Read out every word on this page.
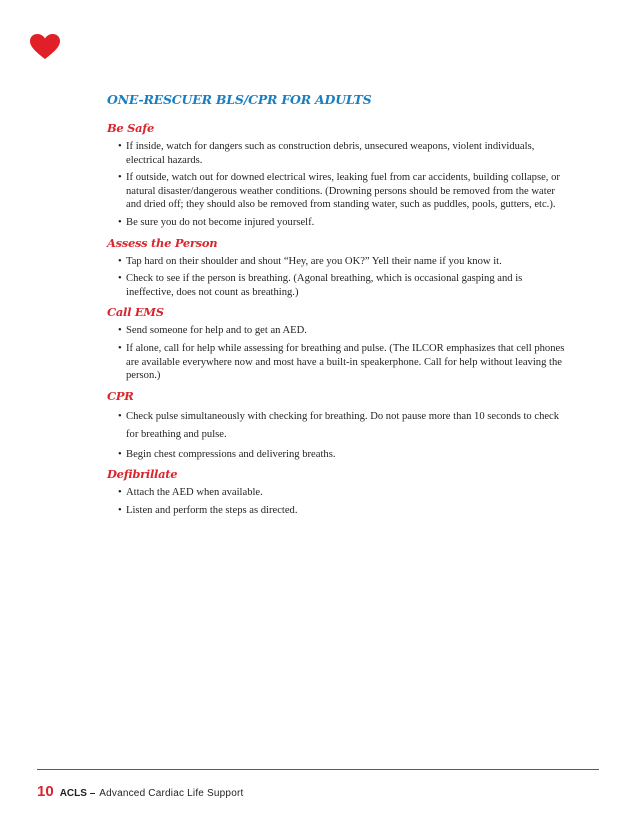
ONE-RESCUER BLS/CPR FOR ADULTS
Be Safe
• If inside, watch for dangers such as construction debris, unsecured weapons, violent individuals, electrical hazards.
• If outside, watch out for downed electrical wires, leaking fuel from car accidents, building collapse, or natural disaster/dangerous weather conditions. (Drowning persons should be removed from the water and dried off; they should also be removed from standing water, such as puddles, pools, gutters, etc.).
• Be sure you do not become injured yourself.
Assess the Person
• Tap hard on their shoulder and shout “Hey, are you OK?” Yell their name if you know it.
• Check to see if the person is breathing. (Agonal breathing, which is occasional gasping and is ineffective, does not count as breathing.)
Call EMS
• Send someone for help and to get an AED.
• If alone, call for help while assessing for breathing and pulse. (The ILCOR emphasizes that cell phones are available everywhere now and most have a built-in speakerphone. Call for help without leaving the person.)
CPR
• Check pulse simultaneously with checking for breathing. Do not pause more than 10 seconds to check for breathing and pulse.
• Begin chest compressions and delivering breaths.
Defibrillate
• Attach the AED when available.
• Listen and perform the steps as directed.
10 ACLS – Advanced Cardiac Life Support
